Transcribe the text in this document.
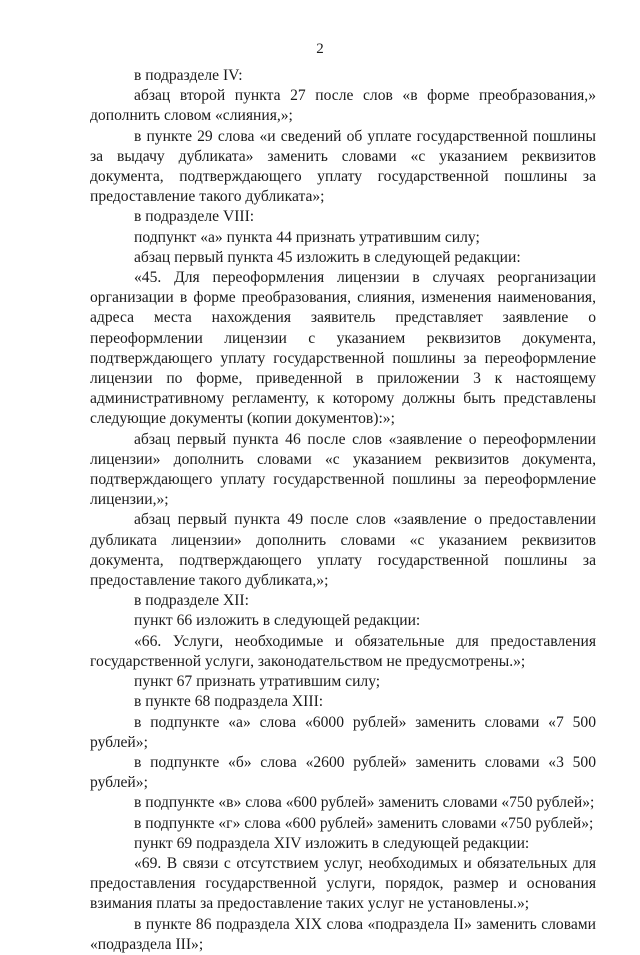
2

в подразделе IV:

абзац второй пункта 27 после слов «в форме преобразования,» дополнить словом «слияния,»;

в пункте 29 слова «и сведений об уплате государственной пошлины за выдачу дубликата» заменить словами «с указанием реквизитов документа, подтверждающего уплату государственной пошлины за предоставление такого дубликата»;

в подразделе VIII:

подпункт «а» пункта 44 признать утратившим силу;

абзац первый пункта 45 изложить в следующей редакции:

«45. Для переоформления лицензии в случаях реорганизации организации в форме преобразования, слияния, изменения наименования, адреса места нахождения заявитель представляет заявление о переоформлении лицензии с указанием реквизитов документа, подтверждающего уплату государственной пошлины за переоформление лицензии по форме, приведенной в приложении 3 к настоящему административному регламенту, к которому должны быть представлены следующие документы (копии документов):»;

абзац первый пункта 46 после слов «заявление о переоформлении лицензии» дополнить словами «с указанием реквизитов документа, подтверждающего уплату государственной пошлины за переоформление лицензии,»;

абзац первый пункта 49 после слов «заявление о предоставлении дубликата лицензии» дополнить словами «с указанием реквизитов документа, подтверждающего уплату государственной пошлины за предоставление такого дубликата,»;

в подразделе XII:

пункт 66 изложить в следующей редакции:

«66. Услуги, необходимые и обязательные для предоставления государственной услуги, законодательством не предусмотрены.»;

пункт 67 признать утратившим силу;

в пункте 68 подраздела XIII:

в подпункте «а» слова «6000 рублей» заменить словами «7 500 рублей»;

в подпункте «б» слова «2600 рублей» заменить словами «3 500 рублей»;

в подпункте «в» слова «600 рублей» заменить словами «750 рублей»;

в подпункте «г» слова «600 рублей» заменить словами «750 рублей»;

пункт 69 подраздела XIV изложить в следующей редакции:

«69. В связи с отсутствием услуг, необходимых и обязательных для предоставления государственной услуги, порядок, размер и основания взимания платы за предоставление таких услуг не установлены.»;

в пункте 86 подраздела XIX слова «подраздела II» заменить словами «подраздела III»;
